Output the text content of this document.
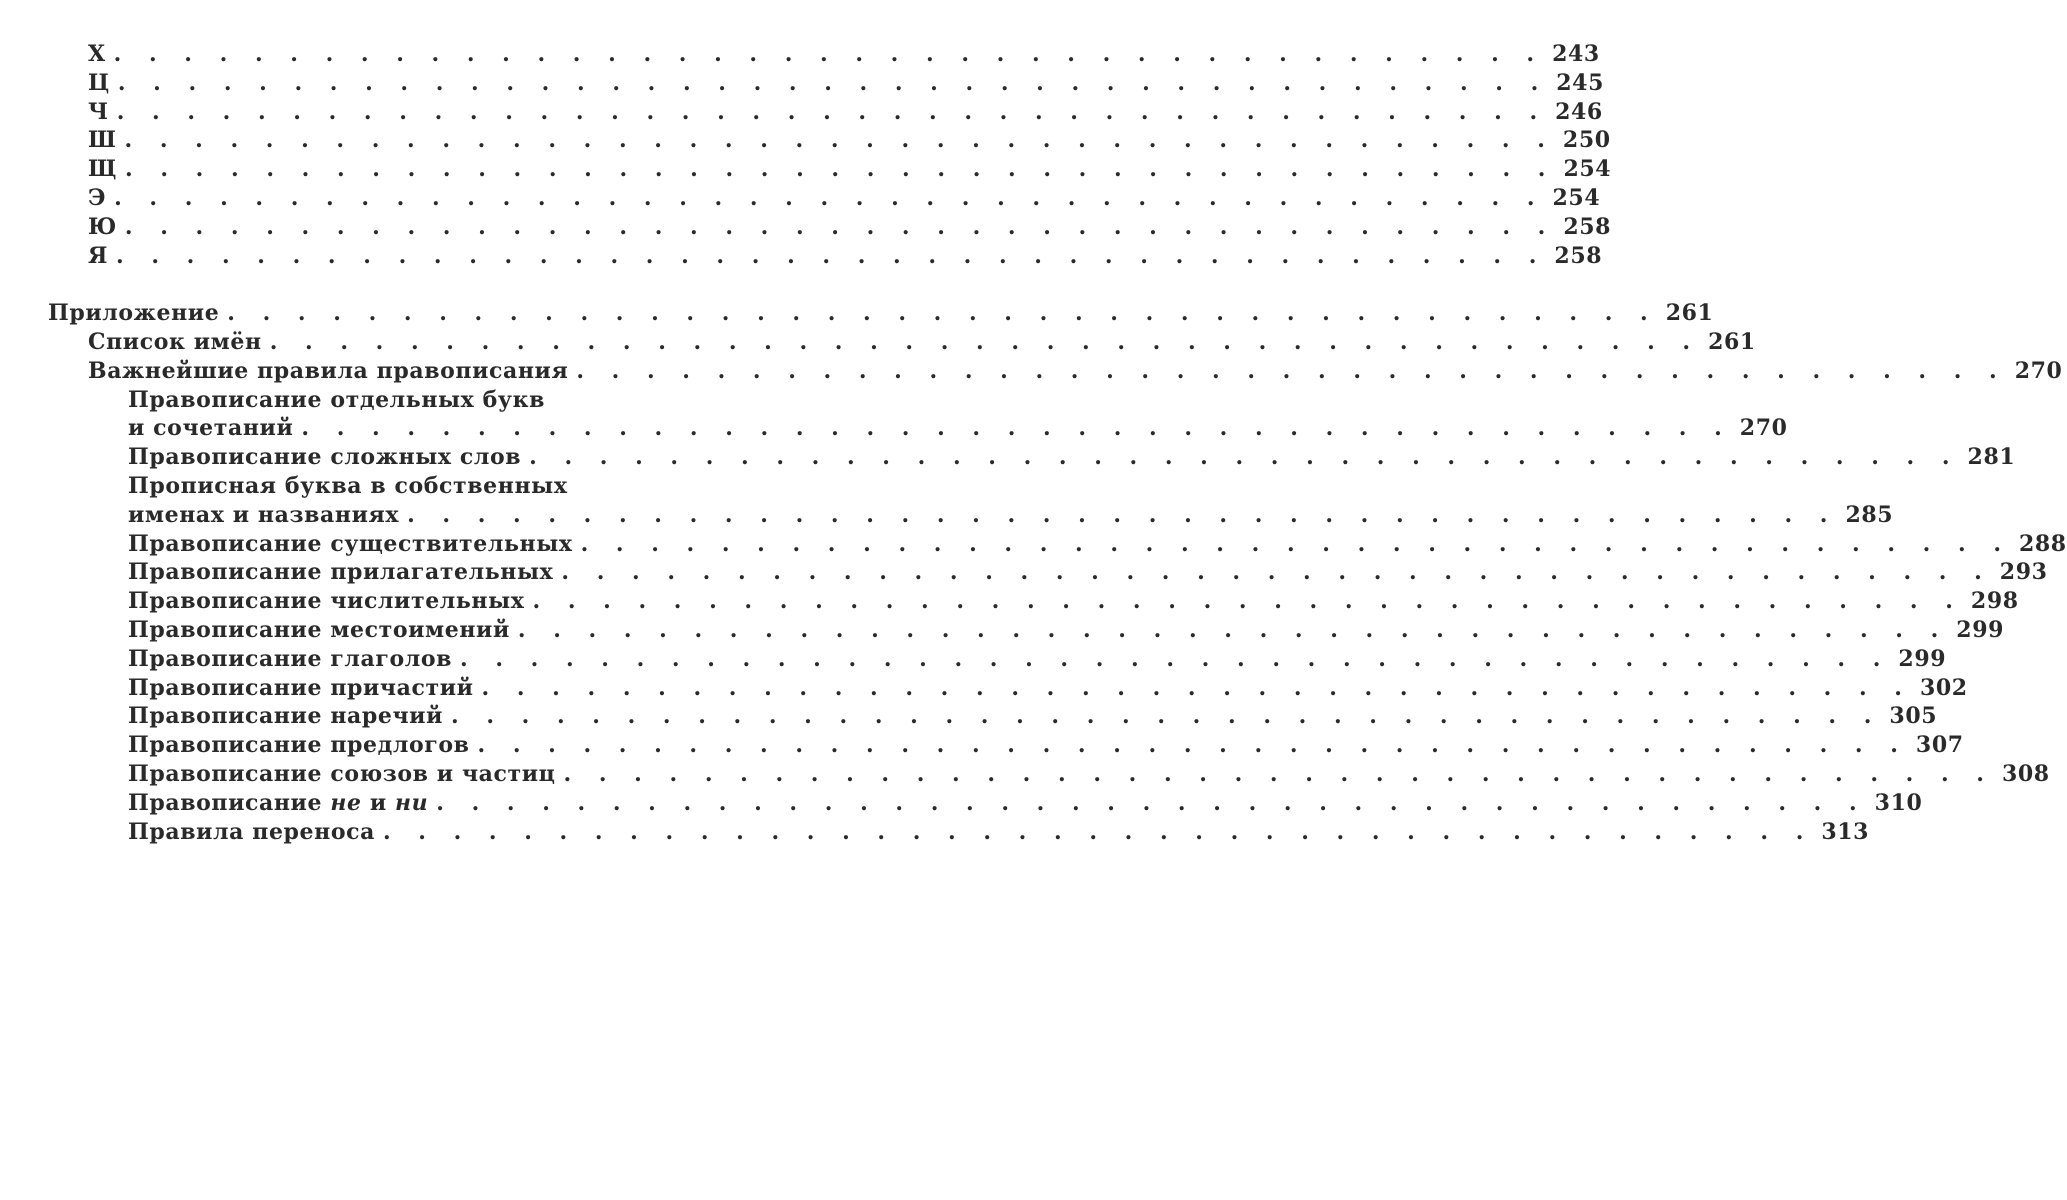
Х . . . . . . . . . . . . . . . . . . . . . . . . . . . . . . . . . . . . . . . . . 243
Ц . . . . . . . . . . . . . . . . . . . . . . . . . . . . . . . . . . . . . . . . . 245
Ч . . . . . . . . . . . . . . . . . . . . . . . . . . . . . . . . . . . . . . . . . 246
Ш . . . . . . . . . . . . . . . . . . . . . . . . . . . . . . . . . . . . . . . . . 250
Щ . . . . . . . . . . . . . . . . . . . . . . . . . . . . . . . . . . . . . . . . . 254
Э . . . . . . . . . . . . . . . . . . . . . . . . . . . . . . . . . . . . . . . . . 254
Ю . . . . . . . . . . . . . . . . . . . . . . . . . . . . . . . . . . . . . . . . . 258
Я . . . . . . . . . . . . . . . . . . . . . . . . . . . . . . . . . . . . . . . . . 258
Приложение . . . . . . . . . . . . . . . . . . . . . . . . . . . . . . . . . . . . . . . . . 261
Список имён . . . . . . . . . . . . . . . . . . . . . . . . . . . . . . . . . . . . . . . . . 261
Важнейшие правила правописания . . . . . . . . . . . . . . . . . . . . . . . . . . . . . . . . . . . . . . . . . 270
Правописание отдельных букв
и сочетаний . . . . . . . . . . . . . . . . . . . . . . . . . . . . . . . . . . . . . . . . . 270
Правописание сложных слов . . . . . . . . . . . . . . . . . . . . . . . . . . . . . . . . . . . . . . . . . 281
Прописная буква в собственных
именах и названиях . . . . . . . . . . . . . . . . . . . . . . . . . . . . . . . . . . . . . . . . . 285
Правописание существительных . . . . . . . . . . . . . . . . . . . . . . . . . . . . . . . . . . . . . . . . . 288
Правописание прилагательных . . . . . . . . . . . . . . . . . . . . . . . . . . . . . . . . . . . . . . . . . 293
Правописание числительных . . . . . . . . . . . . . . . . . . . . . . . . . . . . . . . . . . . . . . . . . 298
Правописание местоимений . . . . . . . . . . . . . . . . . . . . . . . . . . . . . . . . . . . . . . . . . 299
Правописание глаголов . . . . . . . . . . . . . . . . . . . . . . . . . . . . . . . . . . . . . . . . . 299
Правописание причастий . . . . . . . . . . . . . . . . . . . . . . . . . . . . . . . . . . . . . . . . . 302
Правописание наречий . . . . . . . . . . . . . . . . . . . . . . . . . . . . . . . . . . . . . . . . . 305
Правописание предлогов . . . . . . . . . . . . . . . . . . . . . . . . . . . . . . . . . . . . . . . . . 307
Правописание союзов и частиц . . . . . . . . . . . . . . . . . . . . . . . . . . . . . . . . . . . . . . . . . 308
Правописание не и ни . . . . . . . . . . . . . . . . . . . . . . . . . . . . . . . . . . . . . . . . . 310
Правила переноса . . . . . . . . . . . . . . . . . . . . . . . . . . . . . . . . . . . . . . . . . 313
